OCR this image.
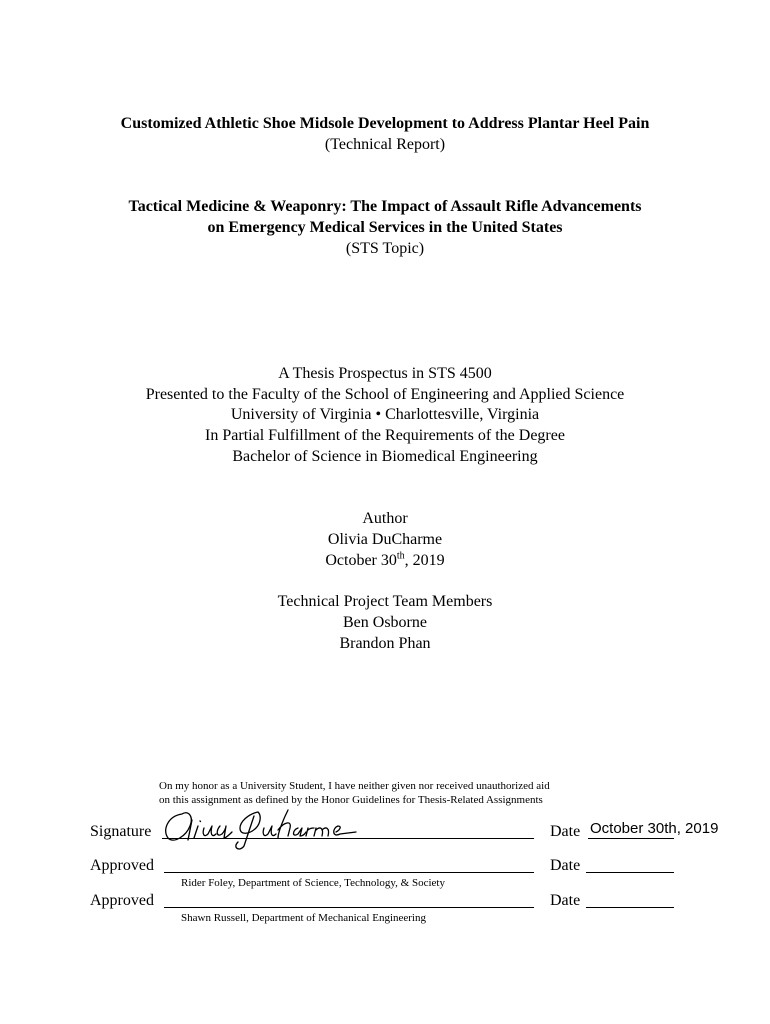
Customized Athletic Shoe Midsole Development to Address Plantar Heel Pain
(Technical Report)
Tactical Medicine & Weaponry: The Impact of Assault Rifle Advancements
on Emergency Medical Services in the United States
(STS Topic)
A Thesis Prospectus in STS 4500
Presented to the Faculty of the School of Engineering and Applied Science
University of Virginia • Charlottesville, Virginia
In Partial Fulfillment of the Requirements of the Degree
Bachelor of Science in Biomedical Engineering
Author
Olivia DuCharme
October 30th, 2019
Technical Project Team Members
Ben Osborne
Brandon Phan
On my honor as a University Student, I have neither given nor received unauthorized aid
on this assignment as defined by the Honor Guidelines for Thesis-Related Assignments
Signature	Date October 30th, 2019
Approved	Date
Rider Foley, Department of Science, Technology, & Society
Approved	Date
Shawn Russell, Department of Mechanical Engineering
